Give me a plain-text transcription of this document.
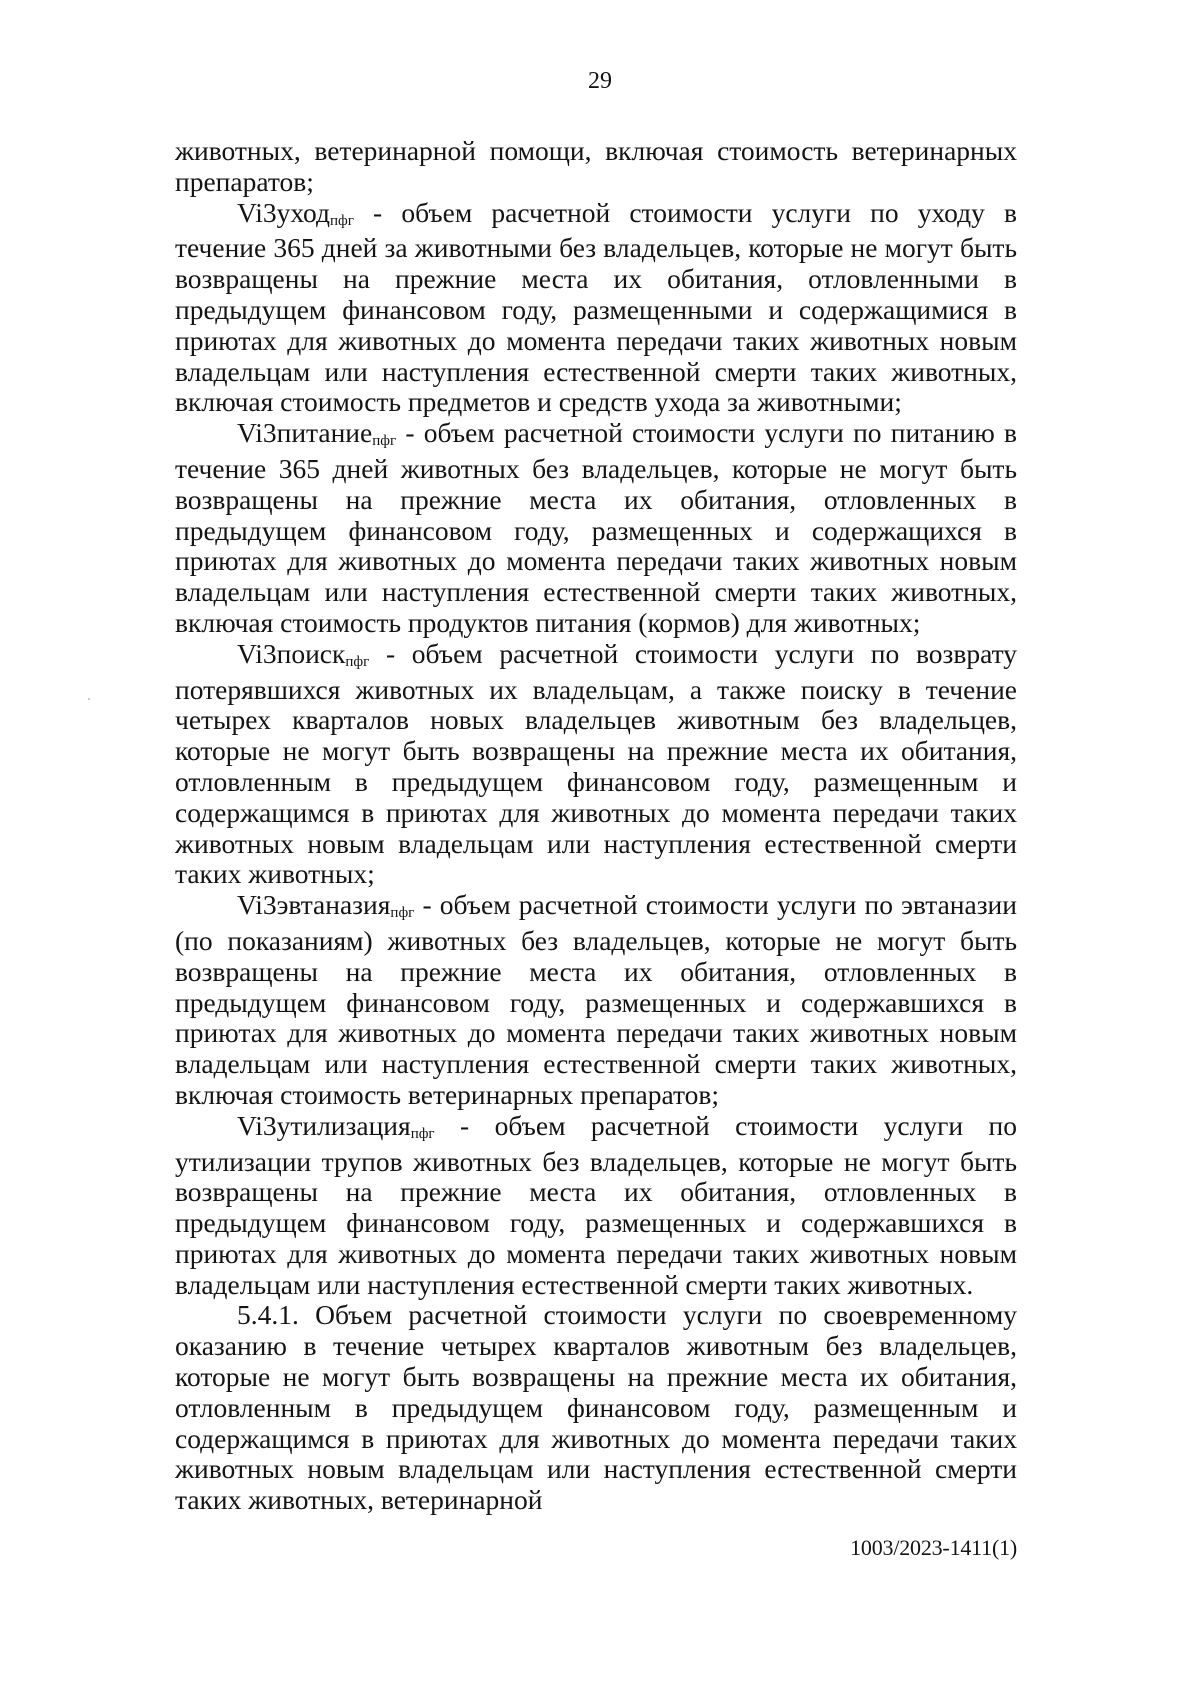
29

животных, ветеринарной помощи, включая стоимость ветеринарных препаратов;

Vi3уход$_{пфг}$ - объем расчетной стоимости услуги по уходу в течение 365 дней за животными без владельцев, которые не могут быть возвращены на прежние места их обитания, отловленными в предыдущем финансовом году, размещенными и содержащимися в приютах для животных до момента передачи таких животных новым владельцам или наступления естественной смерти таких животных, включая стоимость предметов и средств ухода за животными;

Vi3питание$_{пфг}$ - объем расчетной стоимости услуги по питанию в течение 365 дней животных без владельцев, которые не могут быть возвращены на прежние места их обитания, отловленных в предыдущем финансовом году, размещенных и содержащихся в приютах для животных до момента передачи таких животных новым владельцам или наступления естественной смерти таких животных, включая стоимость продуктов питания (кормов) для животных;

Vi3поиск$_{пфг}$ - объем расчетной стоимости услуги по возврату потерявшихся животных их владельцам, а также поиску в течение четырех кварталов новых владельцев животным без владельцев, которые не могут быть возвращены на прежние места их обитания, отловленным в предыдущем финансовом году, размещенным и содержащимся в приютах для животных до момента передачи таких животных новым владельцам или наступления естественной смерти таких животных;

Vi3эвтаназия$_{пфг}$ - объем расчетной стоимости услуги по эвтаназии (по показаниям) животных без владельцев, которые не могут быть возвращены на прежние места их обитания, отловленных в предыдущем финансовом году, размещенных и содержавшихся в приютах для животных до момента передачи таких животных новым владельцам или наступления естественной смерти таких животных, включая стоимость ветеринарных препаратов;

Vi3утилизация$_{пфг}$ - объем расчетной стоимости услуги по утилизации трупов животных без владельцев, которые не могут быть возвращены на прежние места их обитания, отловленных в предыдущем финансовом году, размещенных и содержавшихся в приютах для животных до момента передачи таких животных новым владельцам или наступления естественной смерти таких животных.

5.4.1. Объем расчетной стоимости услуги по своевременному оказанию в течение четырех кварталов животным без владельцев, которые не могут быть возвращены на прежние места их обитания, отловленным в предыдущем финансовом году, размещенным и содержащимся в приютах для животных до момента передачи таких животных новым владельцам или наступления естественной смерти таких животных, ветеринарной

1003/2023-1411(1)
